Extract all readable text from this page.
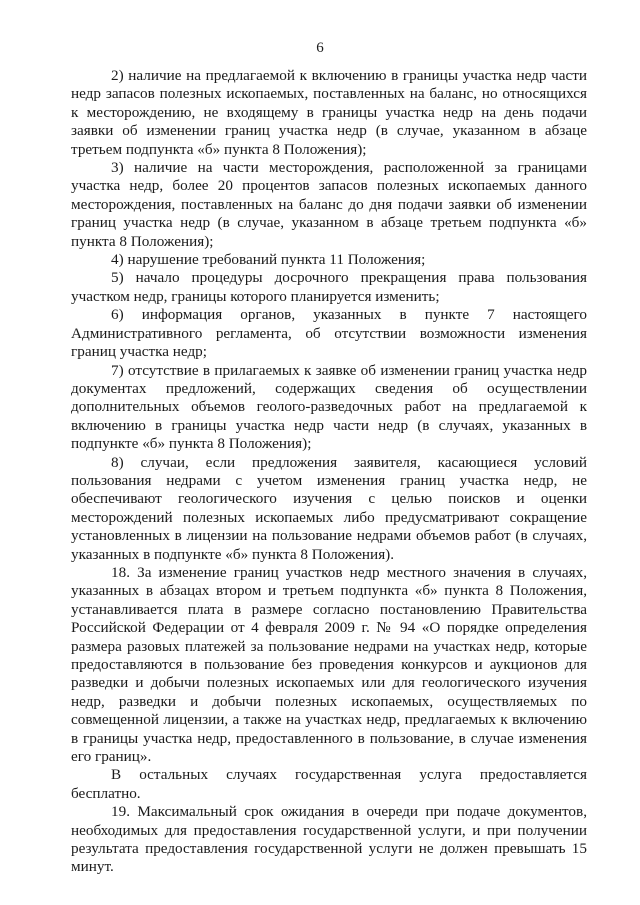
6

2) наличие на предлагаемой к включению в границы участка недр части недр запасов полезных ископаемых, поставленных на баланс, но относящихся к месторождению, не входящему в границы участка недр на день подачи заявки об изменении границ участка недр (в случае, указанном в абзаце третьем подпункта «б» пункта 8 Положения);

3) наличие на части месторождения, расположенной за границами участка недр, более 20 процентов запасов полезных ископаемых данного месторождения, поставленных на баланс до дня подачи заявки об изменении границ участка недр (в случае, указанном в абзаце третьем подпункта «б» пункта 8 Положения);

4) нарушение требований пункта 11 Положения;

5) начало процедуры досрочного прекращения права пользования участком недр, границы которого планируется изменить;

6) информация органов, указанных в пункте 7 настоящего Административного регламента, об отсутствии возможности изменения границ участка недр;

7) отсутствие в прилагаемых к заявке об изменении границ участка недр документах предложений, содержащих сведения об осуществлении дополнительных объемов геолого-разведочных работ на предлагаемой к включению в границы участка недр части недр (в случаях, указанных в подпункте «б» пункта 8 Положения);

8) случаи, если предложения заявителя, касающиеся условий пользования недрами с учетом изменения границ участка недр, не обеспечивают геологического изучения с целью поисков и оценки месторождений полезных ископаемых либо предусматривают сокращение установленных в лицензии на пользование недрами объемов работ (в случаях, указанных в подпункте «б» пункта 8 Положения).

18. За изменение границ участков недр местного значения в случаях, указанных в абзацах втором и третьем подпункта «б» пункта 8 Положения, устанавливается плата в размере согласно постановлению Правительства Российской Федерации от 4 февраля 2009 г. № 94 «О порядке определения размера разовых платежей за пользование недрами на участках недр, которые предоставляются в пользование без проведения конкурсов и аукционов для разведки и добычи полезных ископаемых или для геологического изучения недр, разведки и добычи полезных ископаемых, осуществляемых по совмещенной лицензии, а также на участках недр, предлагаемых к включению в границы участка недр, предоставленного в пользование, в случае изменения его границ».

В остальных случаях государственная услуга предоставляется бесплатно.

19. Максимальный срок ожидания в очереди при подаче документов, необходимых для предоставления государственной услуги, и при получении результата предоставления государственной услуги не должен превышать 15 минут.
